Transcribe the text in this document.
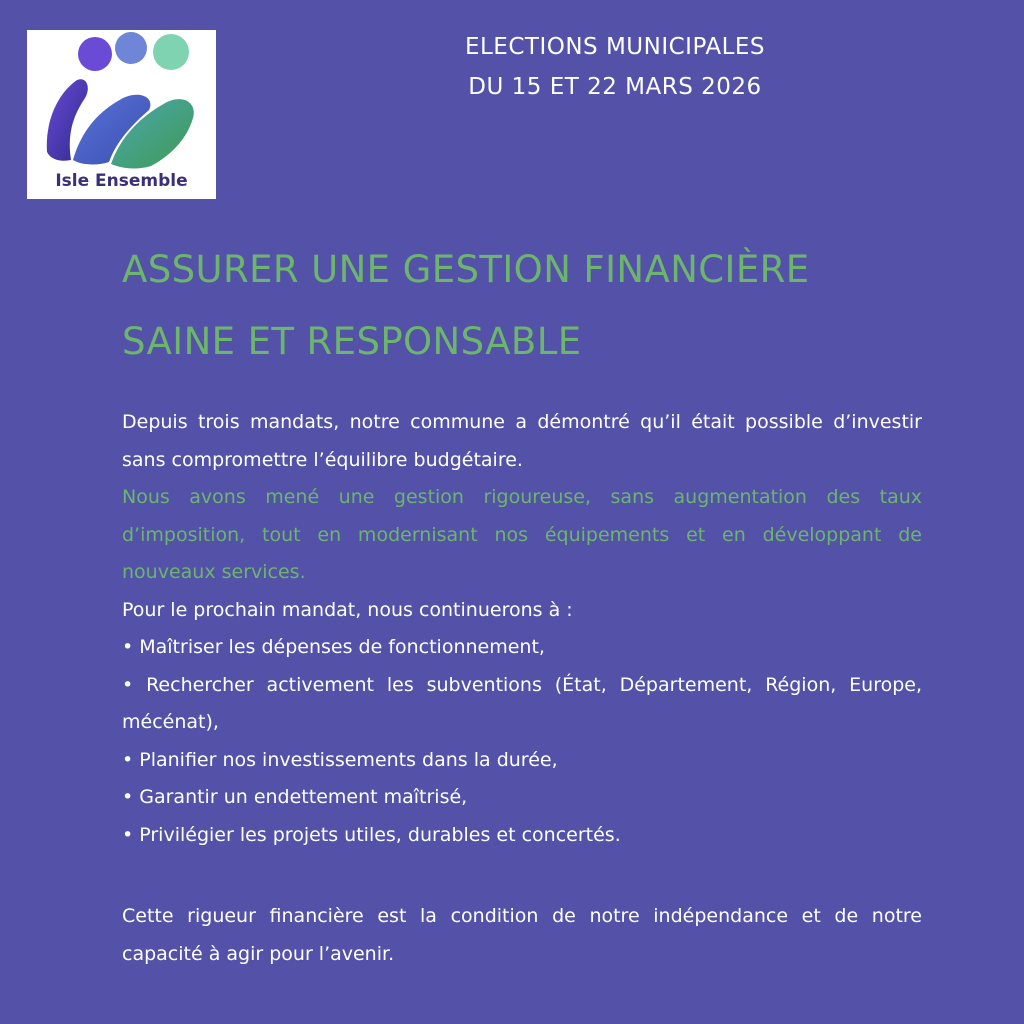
Isle Ensemble
ELECTIONS MUNICIPALES
DU 15 ET 22 MARS 2026
ASSURER UNE GESTION FINANCIÈRE
SAINE ET RESPONSABLE

Depuis trois mandats, notre commune a démontré qu’il était possible d’investir sans compromettre l’équilibre budgétaire.

Nous avons mené une gestion rigoureuse, sans augmentation des taux d’imposition, tout en modernisant nos équipements et en développant de nouveaux services.

Pour le prochain mandat, nous continuerons à :

• Maîtriser les dépenses de fonctionnement,

• Rechercher activement les subventions (État, Département, Région, Europe, mécénat),

• Planifier nos investissements dans la durée,

• Garantir un endettement maîtrisé,

• Privilégier les projets utiles, durables et concertés.

Cette rigueur financière est la condition de notre indépendance et de notre capacité à agir pour l’avenir.
